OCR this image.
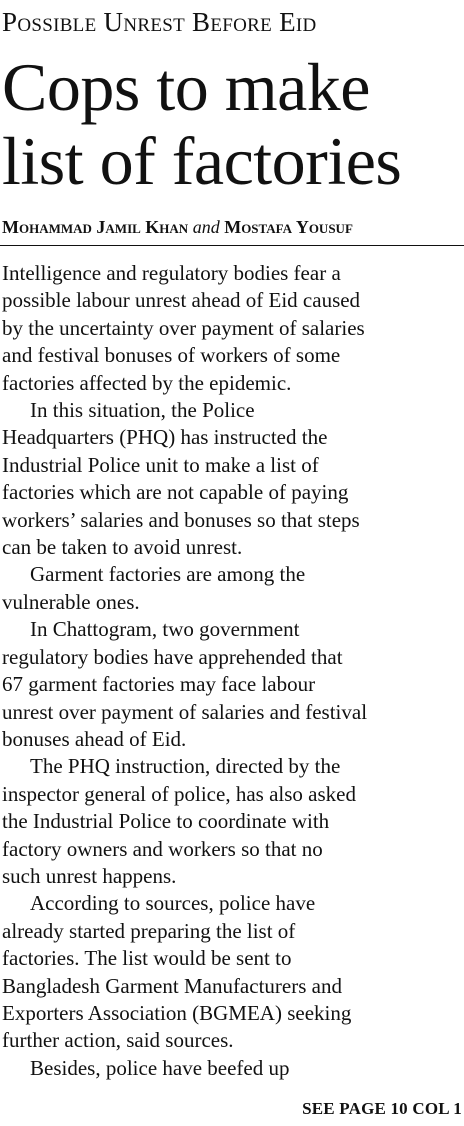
Possible Unrest Before Eid
Cops to make
list of factories
Mohammad Jamil Khan and Mostafa Yousuf

Intelligence and regulatory bodies fear a
possible labour unrest ahead of Eid caused
by the uncertainty over payment of salaries
and festival bonuses of workers of some
factories affected by the epidemic.

In this situation, the Police
Headquarters (PHQ) has instructed the
Industrial Police unit to make a list of
factories which are not capable of paying
workers’ salaries and bonuses so that steps
can be taken to avoid unrest.

Garment factories are among the
vulnerable ones.

In Chattogram, two government
regulatory bodies have apprehended that
67 garment factories may face labour
unrest over payment of salaries and festival
bonuses ahead of Eid.

The PHQ instruction, directed by the
inspector general of police, has also asked
the Industrial Police to coordinate with
factory owners and workers so that no
such unrest happens.

According to sources, police have
already started preparing the list of
factories. The list would be sent to
Bangladesh Garment Manufacturers and
Exporters Association (BGMEA) seeking
further action, said sources.

Besides, police have beefed up

SEE PAGE 10 COL 1
